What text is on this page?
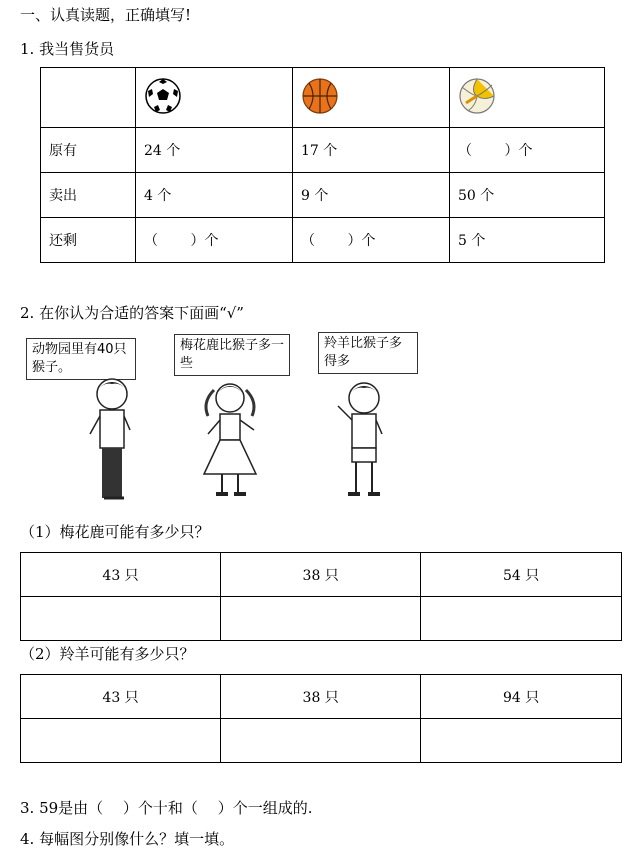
一、认真读题，正确填写!
1. 我当售货员

原有	24 个	17 个	（　　 ）个
卖出	4 个	9 个	50 个
还剩	（　　 ）个	（　　 ）个	5 个
2. 在你认为合适的答案下面画“√”
动物园里有40只猴子。
梅花鹿比猴子多一些
羚羊比猴子多得多
（1）梅花鹿可能有多少只？
43 只	38 只	54 只

（2）羚羊可能有多少只？
43 只	38 只	94 只

3. 59是由（　 ）个十和（　 ）个一组成的.
4. 每幅图分别像什么？填一填。
